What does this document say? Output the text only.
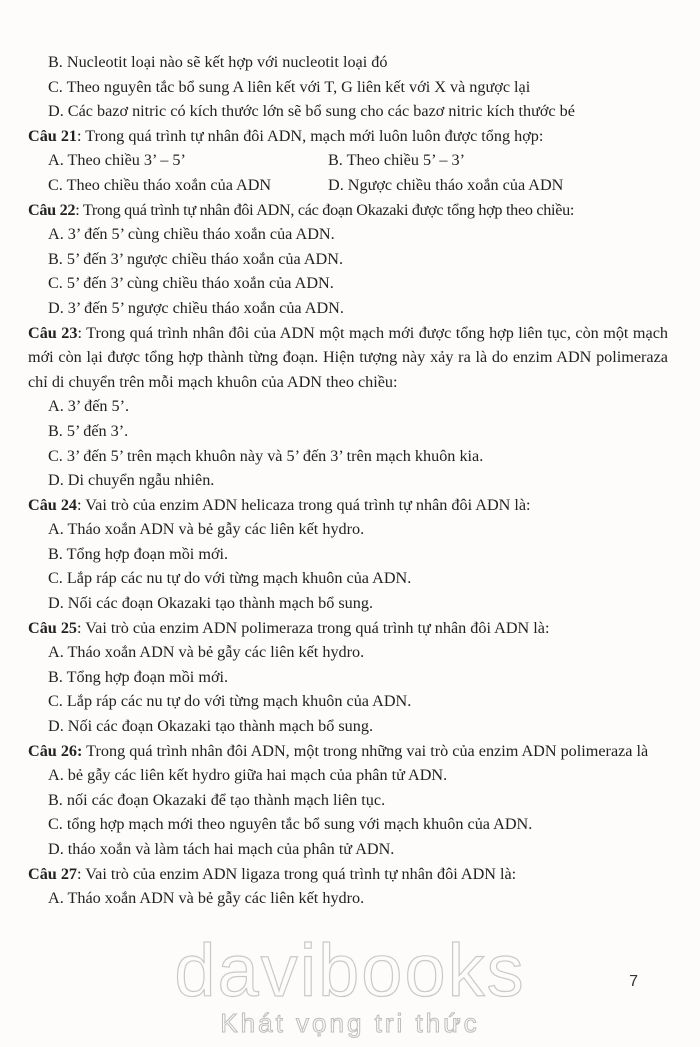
B. Nucleotit loại nào sẽ kết hợp với nucleotit loại đó
C. Theo nguyên tắc bổ sung A liên kết với T, G liên kết với X và ngược lại
D. Các bazơ nitric có kích thước lớn sẽ bổ sung cho các bazơ nitric kích thước bé
Câu 21: Trong quá trình tự nhân đôi ADN, mạch mới luôn luôn được tổng hợp:
A. Theo chiều 3’ – 5’	B. Theo chiều 5’ – 3’
C. Theo chiều tháo xoắn của ADN	D. Ngược chiều tháo xoắn của ADN
Câu 22: Trong quá trình tự nhân đôi ADN, các đoạn Okazaki được tổng hợp theo chiều:
A. 3’ đến 5’ cùng chiều tháo xoắn của ADN.
B. 5’ đến 3’ ngược chiều tháo xoắn của ADN.
C. 5’ đến 3’ cùng chiều tháo xoắn của ADN.
D. 3’ đến 5’ ngược chiều tháo xoắn của ADN.
Câu 23: Trong quá trình nhân đôi của ADN một mạch mới được tổng hợp liên tục, còn một mạch mới còn lại được tổng hợp thành từng đoạn. Hiện tượng này xảy ra là do enzim ADN polimeraza chỉ di chuyển trên mỗi mạch khuôn của ADN theo chiều:
A. 3’ đến 5’.
B. 5’ đến 3’.
C. 3’ đến 5’ trên mạch khuôn này và 5’ đến 3’ trên mạch khuôn kia.
D. Di chuyển ngẫu nhiên.
Câu 24: Vai trò của enzim ADN helicaza trong quá trình tự nhân đôi ADN là:
A. Tháo xoắn ADN và bẻ gẫy các liên kết hydro.
B. Tổng hợp đoạn mồi mới.
C. Lắp ráp các nu tự do với từng mạch khuôn của ADN.
D. Nối các đoạn Okazaki tạo thành mạch bổ sung.
Câu 25: Vai trò của enzim ADN polimeraza trong quá trình tự nhân đôi ADN là:
A. Tháo xoắn ADN và bẻ gẫy các liên kết hydro.
B. Tổng hợp đoạn mồi mới.
C. Lắp ráp các nu tự do với từng mạch khuôn của ADN.
D. Nối các đoạn Okazaki tạo thành mạch bổ sung.
Câu 26: Trong quá trình nhân đôi ADN, một trong những vai trò của enzim ADN polimeraza là
A. bẻ gẫy các liên kết hydro giữa hai mạch của phân tử ADN.
B. nối các đoạn Okazaki để tạo thành mạch liên tục.
C. tổng hợp mạch mới theo nguyên tắc bổ sung với mạch khuôn của ADN.
D. tháo xoắn và làm tách hai mạch của phân tử ADN.
Câu 27: Vai trò của enzim ADN ligaza trong quá trình tự nhân đôi ADN là:
A. Tháo xoắn ADN và bẻ gẫy các liên kết hydro.
7
davibooks
Khát vọng tri thức
